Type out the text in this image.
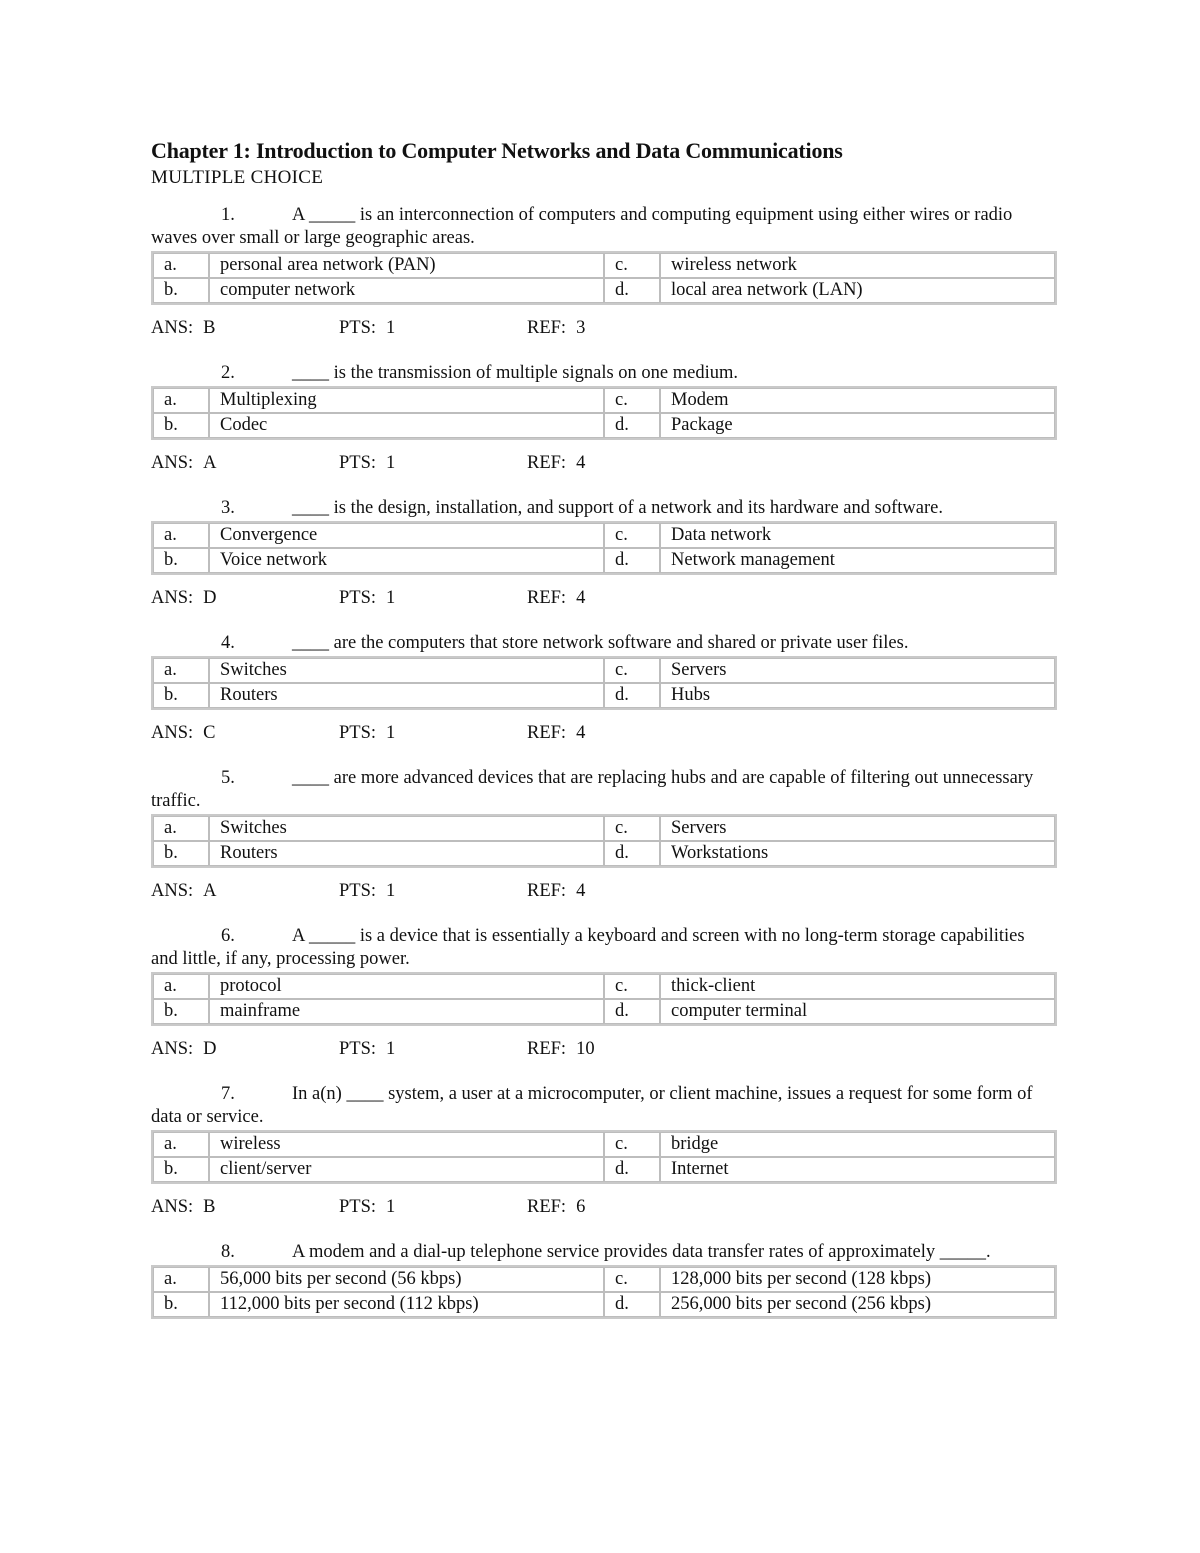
Chapter 1: Introduction to Computer Networks and Data Communications
MULTIPLE CHOICE

1.	A _____ is an interconnection of computers and computing equipment using either wires or radio waves over small or large geographic areas.

a.	personal area network (PAN)	c.	wireless network
b.	computer network	d.	local area network (LAN)
ANS: B	PTS: 1	REF: 3

2.	____ is the transmission of multiple signals on one medium.

a.	Multiplexing	c.	Modem
b.	Codec	d.	Package
ANS: A	PTS: 1	REF: 4

3.	____ is the design, installation, and support of a network and its hardware and software.

a.	Convergence	c.	Data network
b.	Voice network	d.	Network management
ANS: D	PTS: 1	REF: 4

4.	____ are the computers that store network software and shared or private user files.

a.	Switches	c.	Servers
b.	Routers	d.	Hubs
ANS: C	PTS: 1	REF: 4

5.	____ are more advanced devices that are replacing hubs and are capable of filtering out unnecessary traffic.

a.	Switches	c.	Servers
b.	Routers	d.	Workstations
ANS: A	PTS: 1	REF: 4

6.	A _____ is a device that is essentially a keyboard and screen with no long-term storage capabilities and little, if any, processing power.

a.	protocol	c.	thick-client
b.	mainframe	d.	computer terminal
ANS: D	PTS: 1	REF: 10

7.	In a(n) ____ system, a user at a microcomputer, or client machine, issues a request for some form of data or service.

a.	wireless	c.	bridge
b.	client/server	d.	Internet
ANS: B	PTS: 1	REF: 6

8.	A modem and a dial-up telephone service provides data transfer rates of approximately _____.

a.	56,000 bits per second (56 kbps)	c.	128,000 bits per second (128 kbps)
b.	112,000 bits per second (112 kbps)	d.	256,000 bits per second (256 kbps)
